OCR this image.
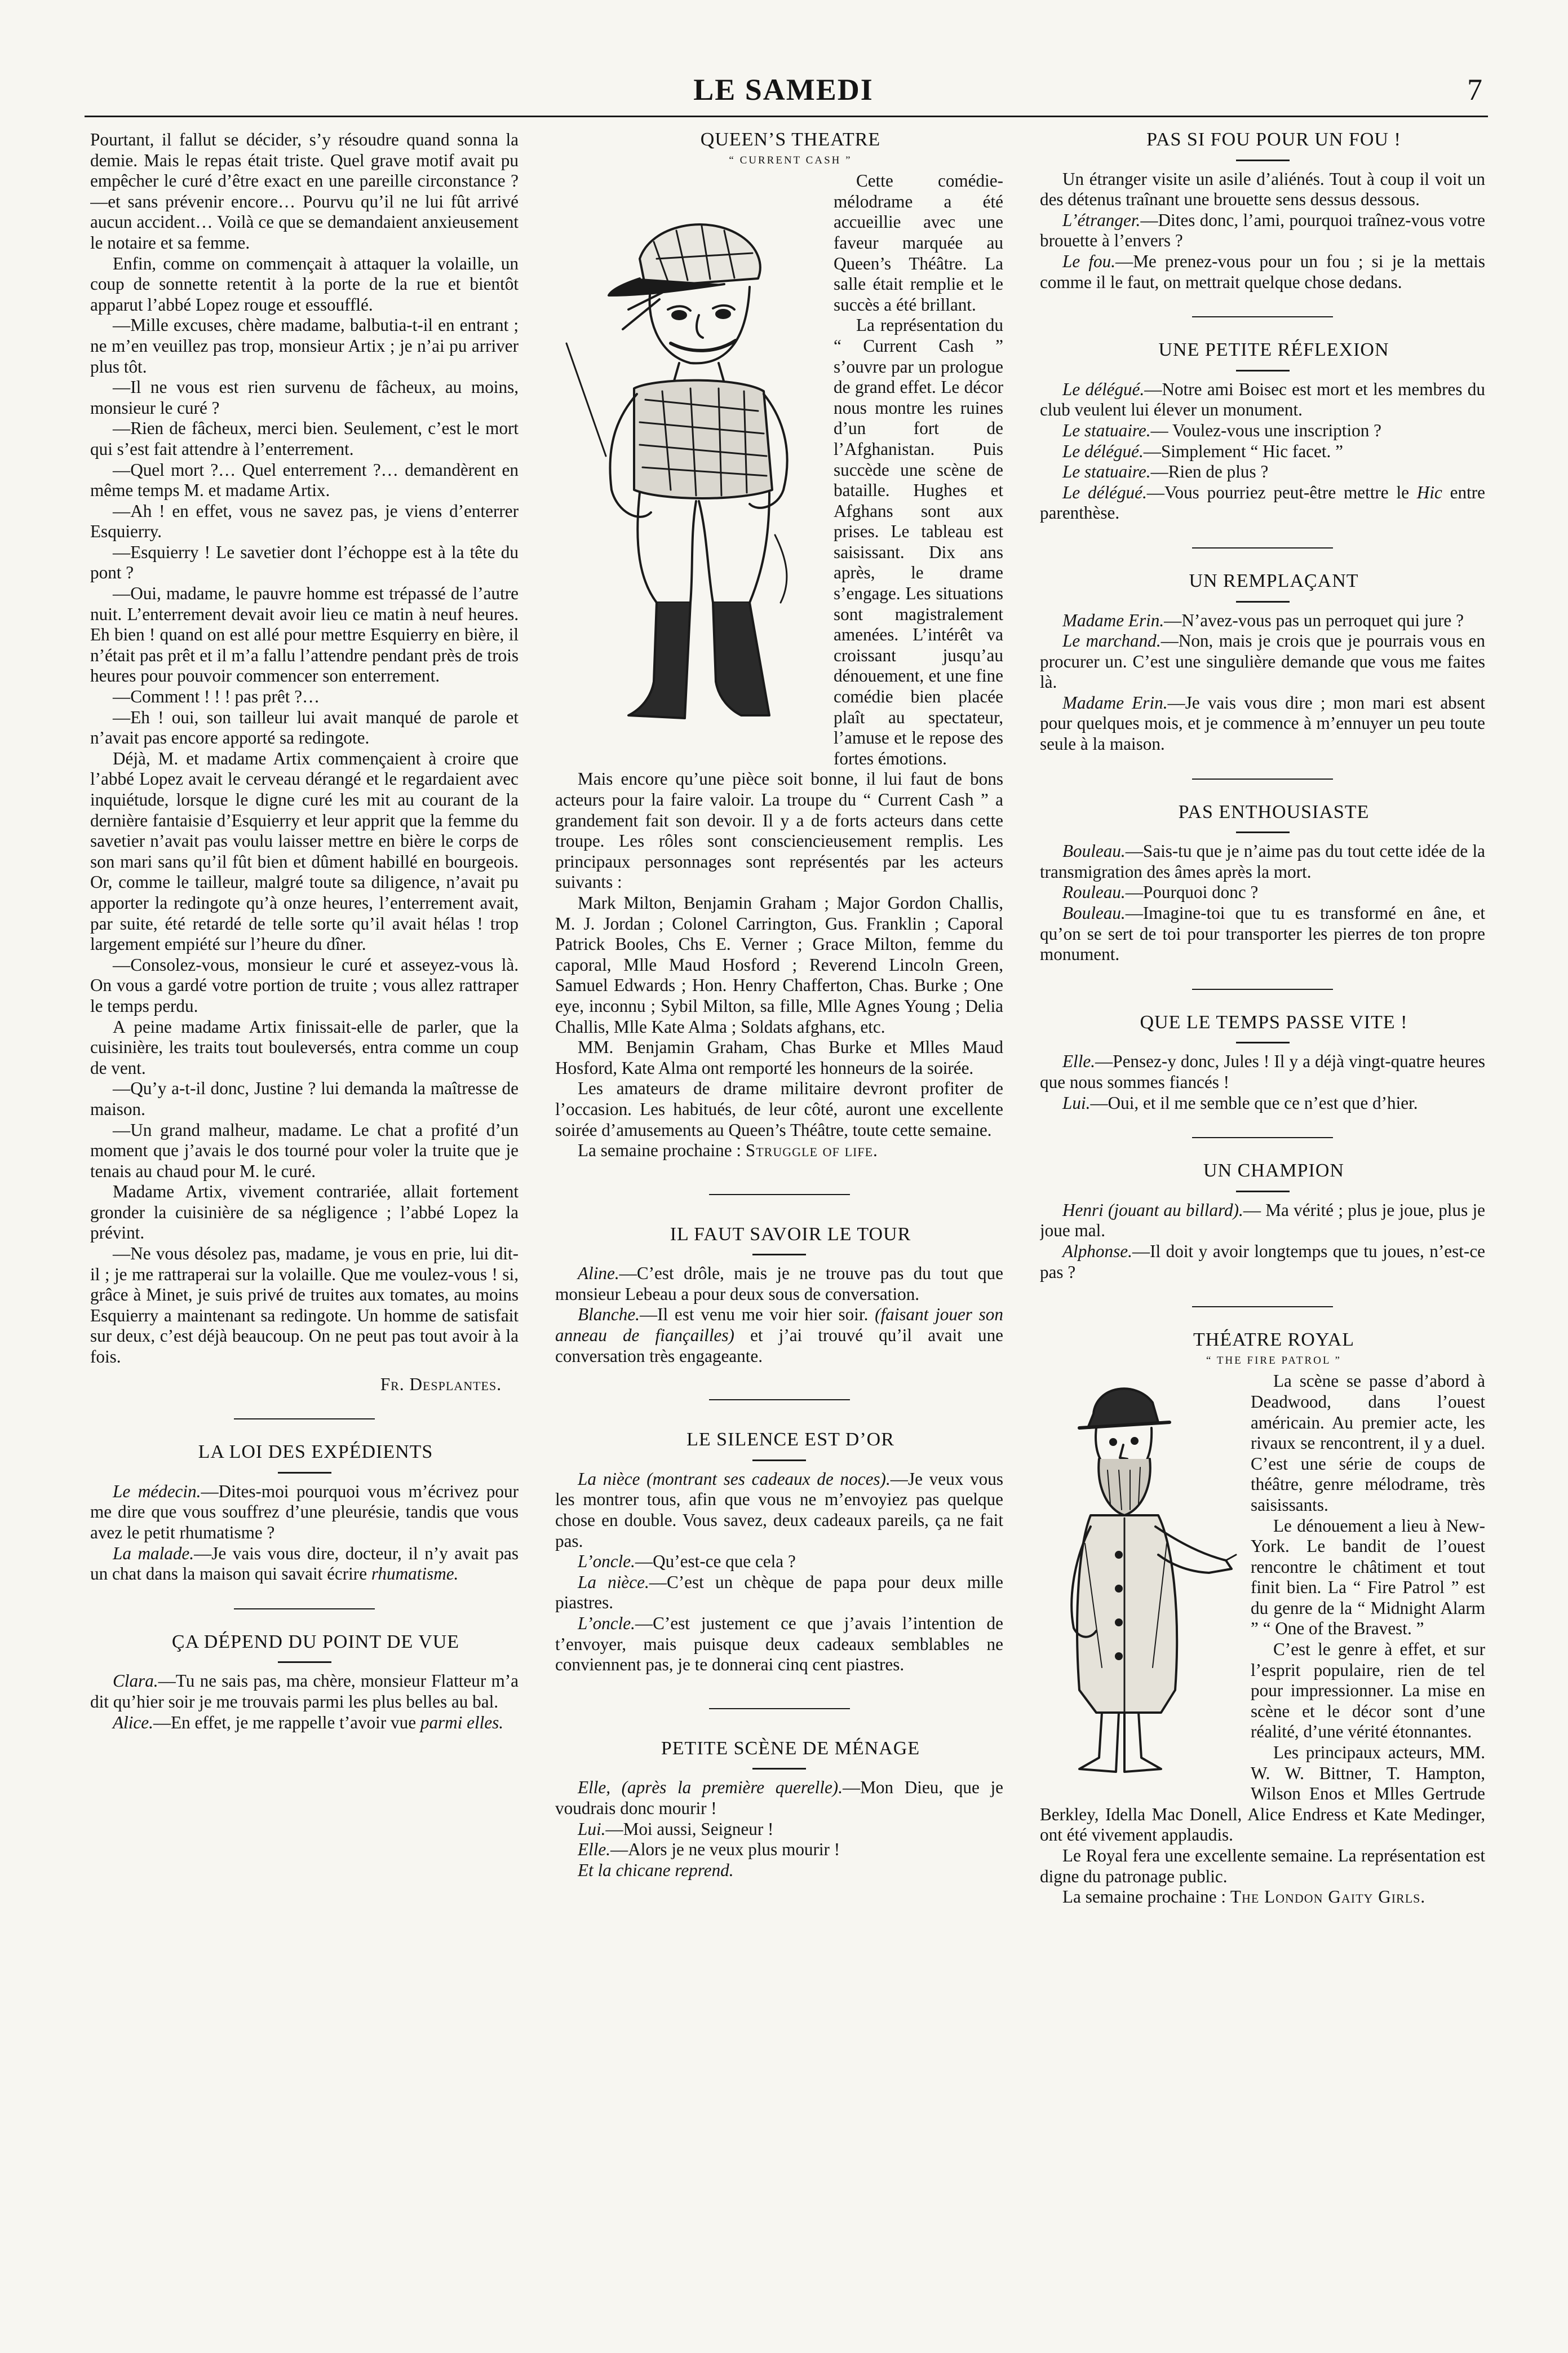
LE SAMEDI	7

Pourtant, il fallut se décider, s’y résoudre quand sonna la demie. Mais le repas était triste. Quel grave motif avait pu empêcher le curé d’être exact en une pareille circonstance ?—et sans prévenir encore… Pourvu qu’il ne lui fût arrivé aucun accident… Voilà ce que se demandaient anxieusement le notaire et sa femme.

Enfin, comme on commençait à attaquer la volaille, un coup de sonnette retentit à la porte de la rue et bientôt apparut l’abbé Lopez rouge et essoufflé.

—Mille excuses, chère madame, balbutia-t-il en entrant ; ne m’en veuillez pas trop, monsieur Artix ; je n’ai pu arriver plus tôt.

—Il ne vous est rien survenu de fâcheux, au moins, monsieur le curé ?

—Rien de fâcheux, merci bien. Seulement, c’est le mort qui s’est fait attendre à l’enterrement.

—Quel mort ?… Quel enterrement ?… demandèrent en même temps M. et madame Artix.

—Ah ! en effet, vous ne savez pas, je viens d’enterrer Esquierry.

—Esquierry ! Le savetier dont l’échoppe est à la tête du pont ?

—Oui, madame, le pauvre homme est trépassé de l’autre nuit. L’enterrement devait avoir lieu ce matin à neuf heures. Eh bien ! quand on est allé pour mettre Esquierry en bière, il n’était pas prêt et il m’a fallu l’attendre pendant près de trois heures pour pouvoir commencer son enterrement.

—Comment ! ! ! pas prêt ?…

—Eh ! oui, son tailleur lui avait manqué de parole et n’avait pas encore apporté sa redingote.

Déjà, M. et madame Artix commençaient à croire que l’abbé Lopez avait le cerveau dérangé et le regardaient avec inquiétude, lorsque le digne curé les mit au courant de la dernière fantaisie d’Esquierry et leur apprit que la femme du savetier n’avait pas voulu laisser mettre en bière le corps de son mari sans qu’il fût bien et dûment habillé en bourgeois. Or, comme le tailleur, malgré toute sa diligence, n’avait pu apporter la redingote qu’à onze heures, l’enterrement avait, par suite, été retardé de telle sorte qu’il avait hélas ! trop largement empiété sur l’heure du dîner.

—Consolez-vous, monsieur le curé et asseyez-vous là. On vous a gardé votre portion de truite ; vous allez rattraper le temps perdu.

A peine madame Artix finissait-elle de parler, que la cuisinière, les traits tout bouleversés, entra comme un coup de vent.

—Qu’y a-t-il donc, Justine ? lui demanda la maîtresse de maison.

—Un grand malheur, madame. Le chat a profité d’un moment que j’avais le dos tourné pour voler la truite que je tenais au chaud pour M. le curé.

Madame Artix, vivement contrariée, allait fortement gronder la cuisinière de sa négligence ; l’abbé Lopez la prévint.

—Ne vous désolez pas, madame, je vous en prie, lui dit-il ; je me rattraperai sur la volaille. Que me voulez-vous ! si, grâce à Minet, je suis privé de truites aux tomates, au moins Esquierry a maintenant sa redingote. Un homme de satisfait sur deux, c’est déjà beaucoup. On ne peut pas tout avoir à la fois.

Fr. Desplantes.

LA LOI DES EXPÉDIENTS

Le médecin.—Dites-moi pourquoi vous m’écrivez pour me dire que vous souffrez d’une pleurésie, tandis que vous avez le petit rhumatisme ?

La malade.—Je vais vous dire, docteur, il n’y avait pas un chat dans la maison qui savait écrire rhumatisme.

ÇA DÉPEND DU POINT DE VUE

Clara.—Tu ne sais pas, ma chère, monsieur Flatteur m’a dit qu’hier soir je me trouvais parmi les plus belles au bal.

Alice.—En effet, je me rappelle t’avoir vue parmi elles.

QUEEN’S THEATRE

“ CURRENT CASH ”

Cette comédie-mélodrame a été accueillie avec une faveur marquée au Queen’s Théâtre. La salle était remplie et le succès a été brillant.

La représentation du “ Current Cash ” s’ouvre par un prologue de grand effet. Le décor nous montre les ruines d’un fort de l’Afghanistan. Puis succède une scène de bataille. Hughes et Afghans sont aux prises. Le tableau est saisissant. Dix ans après, le drame s’engage. Les situations sont magistralement amenées. L’intérêt va croissant jusqu’au dénouement, et une fine comédie bien placée plaît au spectateur, l’amuse et le repose des fortes émotions.

Mais encore qu’une pièce soit bonne, il lui faut de bons acteurs pour la faire valoir. La troupe du “ Current Cash ” a grandement fait son devoir. Il y a de forts acteurs dans cette troupe. Les rôles sont consciencieusement remplis. Les principaux personnages sont représentés par les acteurs suivants :

Mark Milton, Benjamin Graham ; Major Gordon Challis, M. J. Jordan ; Colonel Carrington, Gus. Franklin ; Caporal Patrick Booles, Chs E. Verner ; Grace Milton, femme du caporal, Mlle Maud Hosford ; Reverend Lincoln Green, Samuel Edwards ; Hon. Henry Chafferton, Chas. Burke ; One eye, inconnu ; Sybil Milton, sa fille, Mlle Agnes Young ; Delia Challis, Mlle Kate Alma ; Soldats afghans, etc.

MM. Benjamin Graham, Chas Burke et Mlles Maud Hosford, Kate Alma ont remporté les honneurs de la soirée.

Les amateurs de drame militaire devront profiter de l’occasion. Les habitués, de leur côté, auront une excellente soirée d’amusements au Queen’s Théâtre, toute cette semaine.

La semaine prochaine : Struggle of life.

IL FAUT SAVOIR LE TOUR

Aline.—C’est drôle, mais je ne trouve pas du tout que monsieur Lebeau a pour deux sous de conversation.

Blanche.—Il est venu me voir hier soir. (faisant jouer son anneau de fiançailles) et j’ai trouvé qu’il avait une conversation très engageante.

LE SILENCE EST D’OR

La nièce (montrant ses cadeaux de noces).—Je veux vous les montrer tous, afin que vous ne m’envoyiez pas quelque chose en double. Vous savez, deux cadeaux pareils, ça ne fait pas.

L’oncle.—Qu’est-ce que cela ?

La nièce.—C’est un chèque de papa pour deux mille piastres.

L’oncle.—C’est justement ce que j’avais l’intention de t’envoyer, mais puisque deux cadeaux semblables ne conviennent pas, je te donnerai cinq cent piastres.

PETITE SCÈNE DE MÉNAGE

Elle, (après la première querelle).—Mon Dieu, que je voudrais donc mourir !

Lui.—Moi aussi, Seigneur !

Elle.—Alors je ne veux plus mourir !

Et la chicane reprend.

PAS SI FOU POUR UN FOU !

Un étranger visite un asile d’aliénés. Tout à coup il voit un des détenus traînant une brouette sens dessus dessous.

L’étranger.—Dites donc, l’ami, pourquoi traînez-vous votre brouette à l’envers ?

Le fou.—Me prenez-vous pour un fou ; si je la mettais comme il le faut, on mettrait quelque chose dedans.

UNE PETITE RÉFLEXION

Le délégué.—Notre ami Boisec est mort et les membres du club veulent lui élever un monument.

Le statuaire.— Voulez-vous une inscription ?

Le délégué.—Simplement “ Hic facet. ”

Le statuaire.—Rien de plus ?

Le délégué.—Vous pourriez peut-être mettre le Hic entre parenthèse.

UN REMPLAÇANT

Madame Erin.—N’avez-vous pas un perroquet qui jure ?

Le marchand.—Non, mais je crois que je pourrais vous en procurer un. C’est une singulière demande que vous me faites là.

Madame Erin.—Je vais vous dire ; mon mari est absent pour quelques mois, et je commence à m’ennuyer un peu toute seule à la maison.

PAS ENTHOUSIASTE

Bouleau.—Sais-tu que je n’aime pas du tout cette idée de la transmigration des âmes après la mort.

Rouleau.—Pourquoi donc ?

Bouleau.—Imagine-toi que tu es transformé en âne, et qu’on se sert de toi pour transporter les pierres de ton propre monument.

QUE LE TEMPS PASSE VITE !

Elle.—Pensez-y donc, Jules ! Il y a déjà vingt-quatre heures que nous sommes fiancés !

Lui.—Oui, et il me semble que ce n’est que d’hier.

UN CHAMPION

Henri (jouant au billard).— Ma vérité ; plus je joue, plus je joue mal.

Alphonse.—Il doit y avoir longtemps que tu joues, n’est-ce pas ?

THÉATRE ROYAL

“ THE FIRE PATROL ”

La scène se passe d’abord à Deadwood, dans l’ouest américain. Au premier acte, les rivaux se rencontrent, il y a duel. C’est une série de coups de théâtre, genre mélodrame, très saisissants.

Le dénouement a lieu à New-York. Le bandit de l’ouest rencontre le châtiment et tout finit bien. La “ Fire Patrol ” est du genre de la “ Midnight Alarm ” “ One of the Bravest. ”

C’est le genre à effet, et sur l’esprit populaire, rien de tel pour impressionner. La mise en scène et le décor sont d’une réalité, d’une vérité étonnantes.

Les principaux acteurs, MM. W. W. Bittner, T. Hampton, Wilson Enos et Mlles Gertrude Berkley, Idella Mac Donell, Alice Endress et Kate Medinger, ont été vivement applaudis.

Le Royal fera une excellente semaine. La représentation est digne du patronage public.

La semaine prochaine : The London Gaity Girls.
